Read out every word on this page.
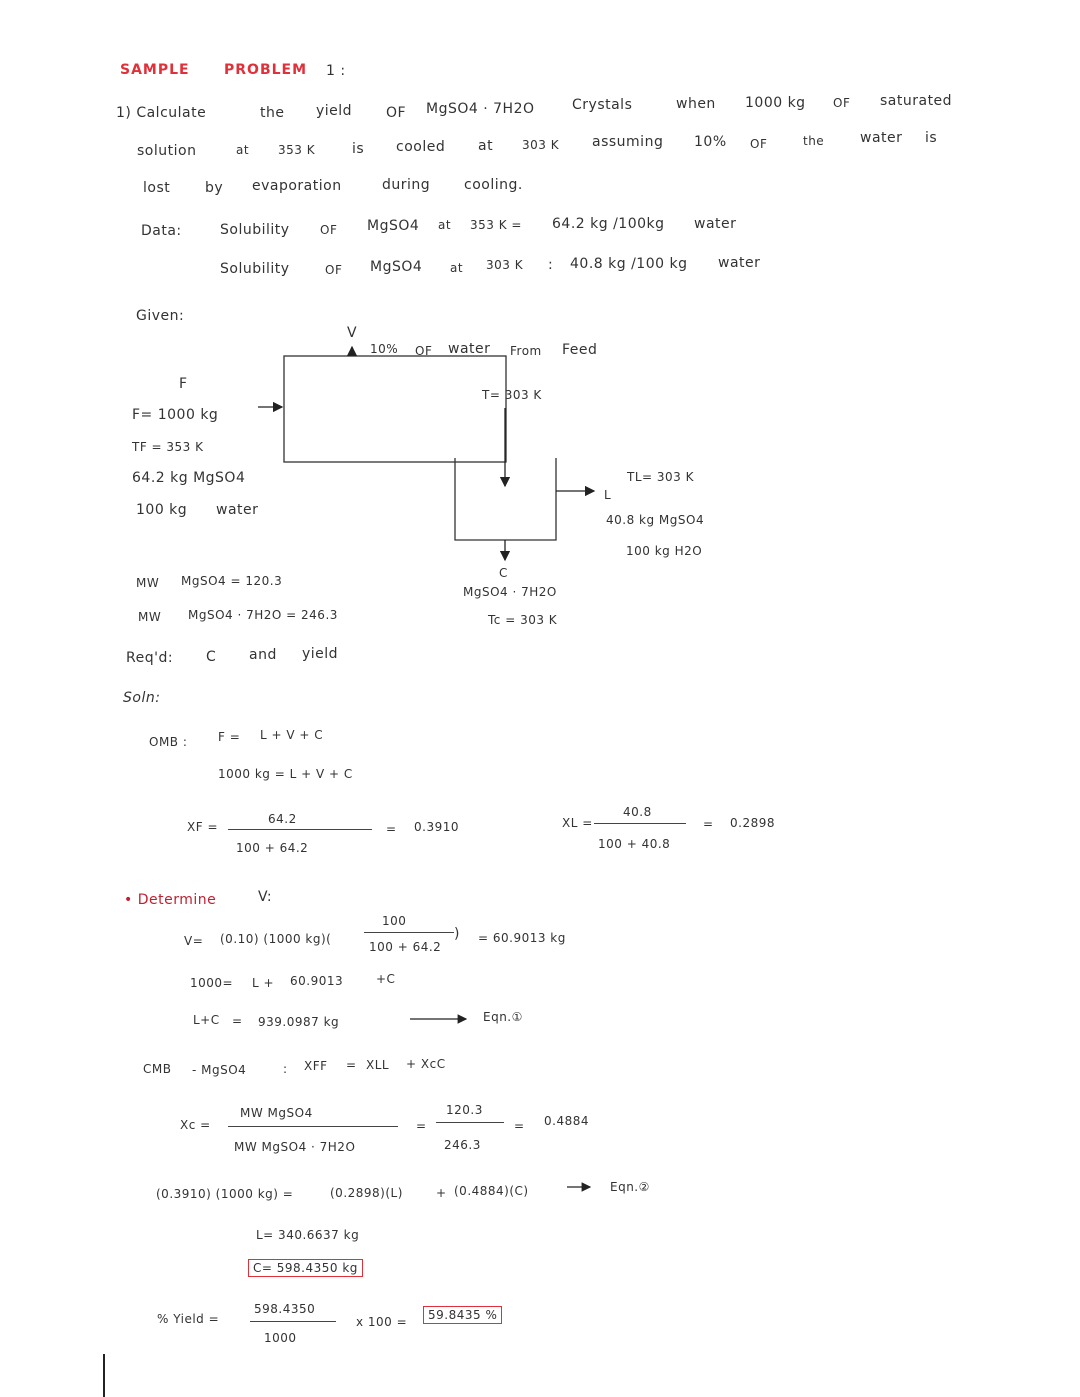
SAMPLE PROBLEM 1 :
1) Calculate	the yield OF MgSO4 · 7H2O	Crystals	when 1000 kg OF saturated
solution	at 353 K	is cooled at 303 K assuming 10% OF	the	water is
lost by evaporation	during cooling.
Data:	Solubility	OF MgSO4 at 353 K = 64.2 kg /100kg water
Solubility	OF MgSO4 at 303 K : 40.8 kg /100 kg water
Given:
F
F= 1000 kg
TF = 353 K
64.2 kg MgSO4
100 kg water
V
10% OF water From Feed
T= 303 K
TL= 303 K
L
40.8 kg MgSO4
100 kg H2O
C
MgSO4 · 7H2O
Tc = 303 K
MW MgSO4 = 120.3
MW MgSO4 · 7H2O = 246.3
Req'd: C and yield
Soln:
OMB :	F = L + V + C
1000 kg = L + V + C
XF =
64.2
100 + 64.2
= 0.3910	XL =
40.8
100 + 40.8
= 0.2898
• Determine	V:
V= (0.10) (1000 kg)(
100
100 + 64.2
) = 60.9013 kg
1000= L + 60.9013	+C
L+C = 939.0987 kg	Eqn.①
CMB - MgSO4	: XFF = XLL + XcC
Xc =
MW MgSO4
MW MgSO4 · 7H2O
=
120.3
246.3
= 0.4884
(0.3910) (1000 kg) =	(0.2898)(L)	+ (0.4884)(C)	Eqn.②
L= 340.6637 kg
C= 598.4350 kg
% Yield =
598.4350
1000
x 100 =	59.8435 %
